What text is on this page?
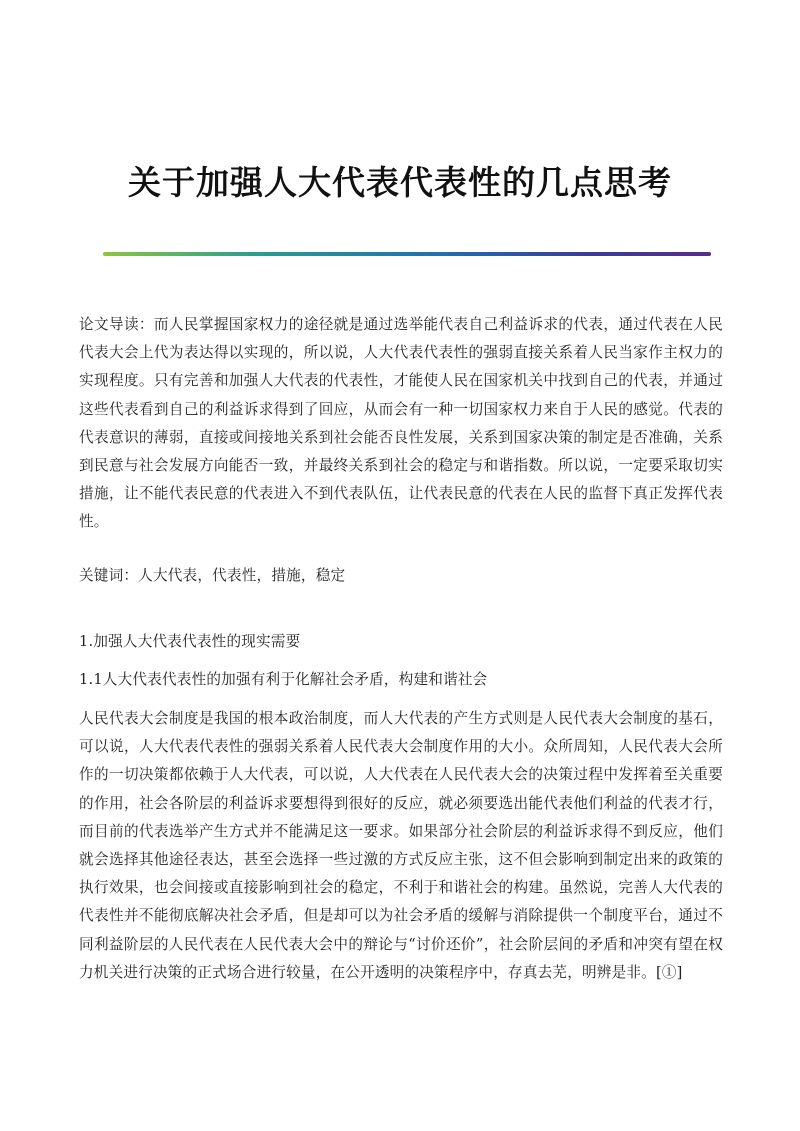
关于加强人大代表代表性的几点思考
论文导读：而人民掌握国家权力的途径就是通过选举能代表自己利益诉求的代表，通过代表在人民代表大会上代为表达得以实现的，所以说，人大代表代表性的强弱直接关系着人民当家作主权力的实现程度。只有完善和加强人大代表的代表性，才能使人民在国家机关中找到自己的代表，并通过这些代表看到自己的利益诉求得到了回应，从而会有一种一切国家权力来自于人民的感觉。代表的代表意识的薄弱，直接或间接地关系到社会能否良性发展，关系到国家决策的制定是否准确，关系到民意与社会发展方向能否一致，并最终关系到社会的稳定与和谐指数。所以说，一定要采取切实措施，让不能代表民意的代表进入不到代表队伍，让代表民意的代表在人民的监督下真正发挥代表性。
关键词：人大代表，代表性，措施，稳定
1.加强人大代表代表性的现实需要
1.1人大代表代表性的加强有利于化解社会矛盾，构建和谐社会
人民代表大会制度是我国的根本政治制度，而人大代表的产生方式则是人民代表大会制度的基石，可以说，人大代表代表性的强弱关系着人民代表大会制度作用的大小。众所周知，人民代表大会所作的一切决策都依赖于人大代表，可以说，人大代表在人民代表大会的决策过程中发挥着至关重要的作用，社会各阶层的利益诉求要想得到很好的反应，就必须要选出能代表他们利益的代表才行，而目前的代表选举产生方式并不能满足这一要求。如果部分社会阶层的利益诉求得不到反应，他们就会选择其他途径表达，甚至会选择一些过激的方式反应主张，这不但会影响到制定出来的政策的执行效果，也会间接或直接影响到社会的稳定，不利于和谐社会的构建。虽然说，完善人大代表的代表性并不能彻底解决社会矛盾，但是却可以为社会矛盾的缓解与消除提供一个制度平台，通过不同利益阶层的人民代表在人民代表大会中的辩论与“讨价还价”，社会阶层间的矛盾和冲突有望在权力机关进行决策的正式场合进行较量，在公开透明的决策程序中，存真去芜，明辨是非。[①]
